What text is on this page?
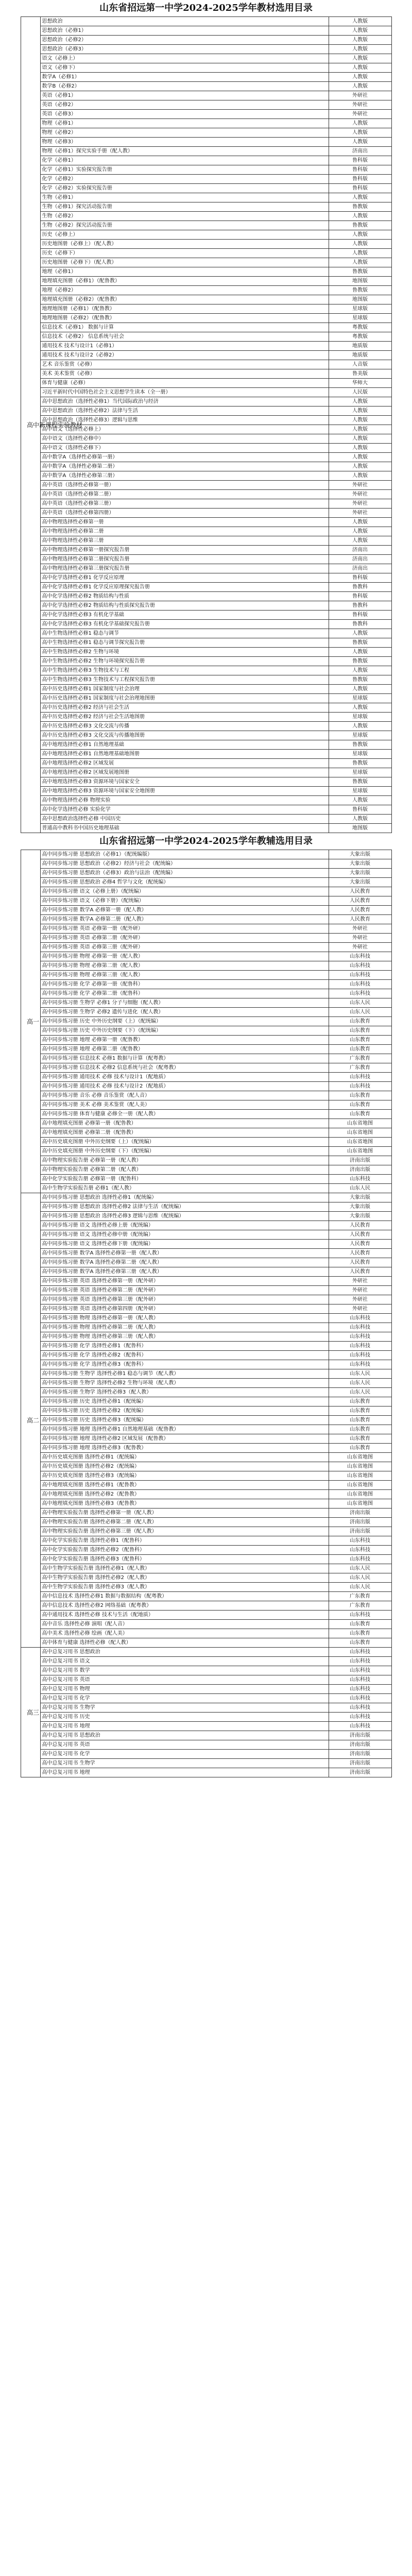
山东省招远第一中学2024-2025学年教材选用目录
高中新课程实验教材	思想政治	人教版
	思想政治（必修1）	人教版
	思想政治（必修2）	人教版
	思想政治（必修3）	人教版
	语文（必修上）	人教版
	语文（必修下）	人教版
	数学A（必修1）	人教版
	数学B（必修2）	人教版
	英语（必修1）	外研社
	英语（必修2）	外研社
	英语（必修3）	外研社
	物理（必修1）	人教版
	物理（必修2）	人教版
	物理（必修3）	人教版
	物理（必修1）探究实验手册（配人教）	济南出
	化学（必修1）	鲁科版
	化学（必修1）实验探究报告册	鲁科版
	化学（必修2）	鲁科版
	化学（必修2）实验探究报告册	鲁科版
	生物（必修1）	人教版
	生物（必修1）探究活动报告册	鲁教版
	生物（必修2）	人教版
	生物（必修2）探究活动报告册	鲁教版
	历史（必修上）	人教版
	历史地图册（必修上）（配人教）	人教版
	历史（必修下）	人教版
	历史地图册（必修下）（配人教）	人教版
	地理（必修1）	鲁教版
	地理填充图册（必修1）（配鲁教）	地图版
	地理（必修2）	鲁教版
	地理填充图册（必修2）（配鲁教）	地图版
	地理地图册（必修1）（配鲁教）	星球版
	地理地图册（必修2）（配鲁教）	星球版
	信息技术（必修1） 数据与计算	粤教版
	信息技术（必修2） 信息系统与社会	粤教版
	通用技术 技术与设计1（必修1）	地质版
	通用技术 技术与设计2（必修2）	地质版
	艺术 音乐鉴赏（必修）	人音版
	美术 美术鉴赏（必修）	鲁美版
	体育与健康（必修）	华师大
	习近平新时代中国特色社会主义思想学生读本（全一册）	人民版
	高中思想政治（选择性必修1）当代国际政治与经济	人教版
	高中思想政治（选择性必修2）法律与生活	人教版
	高中思想政治（选择性必修3）逻辑与思维	人教版
	高中语文（选择性必修上）	人教版
	高中语文（选择性必修中）	人教版
	高中语文（选择性必修下）	人教版
	高中数学A（选择性必修第一册）	人教版
	高中数学A（选择性必修第二册）	人教版
	高中数学A（选择性必修第三册）	人教版
	高中英语（选择性必修第一册）	外研社
	高中英语（选择性必修第二册）	外研社
	高中英语（选择性必修第三册）	外研社
	高中英语（选择性必修第四册）	外研社
	高中物理选择性必修第一册	人教版
	高中物理选择性必修第二册	人教版
	高中物理选择性必修第三册	人教版
	高中物理选择性必修第一册探究报告册	济南出
	高中物理选择性必修第二册探究报告册	济南出
	高中物理选择性必修第三册探究报告册	济南出
	高中化学选择性必修1 化学反应原理	鲁科版
	高中化学选择性必修1 化学反应原理探究报告册	鲁教科
	高中化学选择性必修2 物质结构与性质	鲁科版
	高中化学选择性必修2 物质结构与性质探究报告册	鲁教科
	高中化学选择性必修3 有机化学基础	鲁科版
	高中化学选择性必修3 有机化学基础探究报告册	鲁教科
	高中生物选择性必修1 稳态与调节	人教版
	高中生物选择性必修1 稳态与调节探究报告册	鲁教版
	高中生物选择性必修2 生物与环境	人教版
	高中生物选择性必修2 生物与环境探究报告册	鲁教版
	高中生物选择性必修3 生物技术与工程	人教版
	高中生物选择性必修3 生物技术与工程探究报告册	鲁教版
	高中历史选择性必修1 国家制度与社会治理	人教版
	高中历史选择性必修1 国家制度与社会治理地图册	星球版
	高中历史选择性必修2 经济与社会生活	人教版
	高中历史选择性必修2 经济与社会生活地图册	星球版
	高中历史选择性必修3 文化交流与传播	人教版
	高中历史选择性必修3 文化交流与传播地图册	星球版
	高中地理选择性必修1 自然地理基础	鲁教版
	高中地理选择性必修1 自然地理基础地图册	星球版
	高中地理选择性必修2 区域发展	鲁教版
	高中地理选择性必修2 区域发展地图册	星球版
	高中地理选择性必修3 资源环境与国家安全	鲁教版
	高中地理选择性必修3 资源环境与国家安全地图册	星球版
	高中物理选择性必修 物理实验	人教版
	高中化学选择性必修 实验化学	鲁科版
	高中思想政治选择性必修 中国历史	人教版
	普通高中教科书中国历史地理基础	地图版
山东省招远第一中学2024-2025学年教辅选用目录
高一	高中同步练习册 思想政治（必修1）（配统编版）	大象出版
	高中同步练习册 思想政治（必修2）经济与社会（配统编）	大象出版
	高中同步练习册 思想政治（必修3）政治与法治（配统编）	大象出版
	高中同步练习册 思想政治 必修4 哲学与文化（配统编）	大象出版
	高中同步练习册 语文（必修上册）（配统编）	人民教育
	高中同步练习册 语文（必修下册）（配统编）	人民教育
	高中同步练习册 数学A 必修第一册（配人教）	人民教育
	高中同步练习册 数学A 必修第二册（配人教）	人民教育
	高中同步练习册 英语 必修第一册（配外研）	外研社
	高中同步练习册 英语 必修第二册（配外研）	外研社
	高中同步练习册 英语 必修第三册（配外研）	外研社
	高中同步练习册 物理 必修第一册（配人教）	山东科技
	高中同步练习册 物理 必修第二册（配人教）	山东科技
	高中同步练习册 物理 必修第三册（配人教）	山东科技
	高中同步练习册 化学 必修第一册（配鲁科）	山东科技
	高中同步练习册 化学 必修第二册（配鲁科）	山东科技
	高中同步练习册 生物学 必修1 分子与细胞（配人教）	山东人民
	高中同步练习册 生物学 必修2 遗传与进化（配人教）	山东人民
	高中同步练习册 历史 中外历史纲要（上）（配统编）	山东教育
	高中同步练习册 历史 中外历史纲要（下）（配统编）	山东教育
	高中同步练习册 地理 必修第一册（配鲁教）	山东教育
	高中同步练习册 地理 必修第二册（配鲁教）	山东教育
	高中同步练习册 信息技术 必修1 数据与计算（配粤教）	广东教育
	高中同步练习册 信息技术 必修2 信息系统与社会（配粤教）	广东教育
	高中同步练习册 通用技术 必修 技术与设计1（配地质）	山东科技
	高中同步练习册 通用技术 必修 技术与设计2（配地质）	山东科技
	高中同步练习册 音乐 必修 音乐鉴赏（配人音）	山东教育
	高中同步练习册 美术 必修 美术鉴赏（配人美）	山东教育
	高中同步练习册 体育与健康 必修全一册（配人教）	山东教育
	高中地理填充图册 必修第一册（配鲁教）	山东省地图
	高中地理填充图册 必修第二册（配鲁教）	山东省地图
	高中历史填充图册 中外历史纲要（上）（配统编）	山东省地图
	高中历史填充图册 中外历史纲要（下）（配统编）	山东省地图
	高中物理实验报告册 必修第一册（配人教）	济南出版
	高中物理实验报告册 必修第二册（配人教）	济南出版
	高中化学实验报告册 必修第一册（配鲁科）	山东科技
	高中生物学实验报告册 必修1（配人教）	山东人民
高二	高中同步练习册 思想政治 选择性必修1（配统编）	大象出版
	高中同步练习册 思想政治 选择性必修2 法律与生活（配统编）	大象出版
	高中同步练习册 思想政治 选择性必修3 逻辑与思维（配统编）	大象出版
	高中同步练习册 语文 选择性必修上册（配统编）	人民教育
	高中同步练习册 语文 选择性必修中册（配统编）	人民教育
	高中同步练习册 语文 选择性必修下册（配统编）	人民教育
	高中同步练习册 数学A 选择性必修第一册（配人教）	人民教育
	高中同步练习册 数学A 选择性必修第二册（配人教）	人民教育
	高中同步练习册 数学A 选择性必修第三册（配人教）	人民教育
	高中同步练习册 英语 选择性必修第一册（配外研）	外研社
	高中同步练习册 英语 选择性必修第二册（配外研）	外研社
	高中同步练习册 英语 选择性必修第三册（配外研）	外研社
	高中同步练习册 英语 选择性必修第四册（配外研）	外研社
	高中同步练习册 物理 选择性必修第一册（配人教）	山东科技
	高中同步练习册 物理 选择性必修第二册（配人教）	山东科技
	高中同步练习册 物理 选择性必修第三册（配人教）	山东科技
	高中同步练习册 化学 选择性必修1（配鲁科）	山东科技
	高中同步练习册 化学 选择性必修2（配鲁科）	山东科技
	高中同步练习册 化学 选择性必修3（配鲁科）	山东科技
	高中同步练习册 生物学 选择性必修1 稳态与调节（配人教）	山东人民
	高中同步练习册 生物学 选择性必修2 生物与环境（配人教）	山东人民
	高中同步练习册 生物学 选择性必修3（配人教）	山东人民
	高中同步练习册 历史 选择性必修1（配统编）	山东教育
	高中同步练习册 历史 选择性必修2（配统编）	山东教育
	高中同步练习册 历史 选择性必修3（配统编）	山东教育
	高中同步练习册 地理 选择性必修1 自然地理基础（配鲁教）	山东教育
	高中同步练习册 地理 选择性必修2 区域发展（配鲁教）	山东教育
	高中同步练习册 地理 选择性必修3（配鲁教）	山东教育
	高中历史填充图册 选择性必修1（配统编）	山东省地图
	高中历史填充图册 选择性必修2（配统编）	山东省地图
	高中历史填充图册 选择性必修3（配统编）	山东省地图
	高中地理填充图册 选择性必修1（配鲁教）	山东省地图
	高中地理填充图册 选择性必修2（配鲁教）	山东省地图
	高中地理填充图册 选择性必修3（配鲁教）	山东省地图
	高中物理实验报告册 选择性必修第一册（配人教）	济南出版
	高中物理实验报告册 选择性必修第二册（配人教）	济南出版
	高中物理实验报告册 选择性必修第三册（配人教）	济南出版
	高中化学实验报告册 选择性必修1（配鲁科）	山东科技
	高中化学实验报告册 选择性必修2（配鲁科）	山东科技
	高中化学实验报告册 选择性必修3（配鲁科）	山东科技
	高中生物学实验报告册 选择性必修1（配人教）	山东人民
	高中生物学实验报告册 选择性必修2（配人教）	山东人民
	高中生物学实验报告册 选择性必修3（配人教）	山东人民
	高中信息技术 选择性必修1 数据与数据结构（配粤教）	广东教育
	高中信息技术 选择性必修2 网络基础（配粤教）	广东教育
	高中通用技术 选择性必修 技术与生活（配地质）	山东科技
	高中音乐 选择性必修 演唱（配人音）	山东教育
	高中美术 选择性必修 绘画（配人美）	山东教育
	高中体育与健康 选择性必修（配人教）	山东教育
高三	高中总复习用书 思想政治	山东科技
	高中总复习用书 语文	山东科技
	高中总复习用书 数学	山东科技
	高中总复习用书 英语	山东科技
	高中总复习用书 物理	山东科技
	高中总复习用书 化学	山东科技
	高中总复习用书 生物学	山东科技
	高中总复习用书 历史	山东科技
	高中总复习用书 地理	山东科技
	高中总复习用书 思想政治	济南出版
	高中总复习用书 英语	济南出版
	高中总复习用书 化学	济南出版
	高中总复习用书 生物学	济南出版
	高中总复习用书 地理	济南出版
